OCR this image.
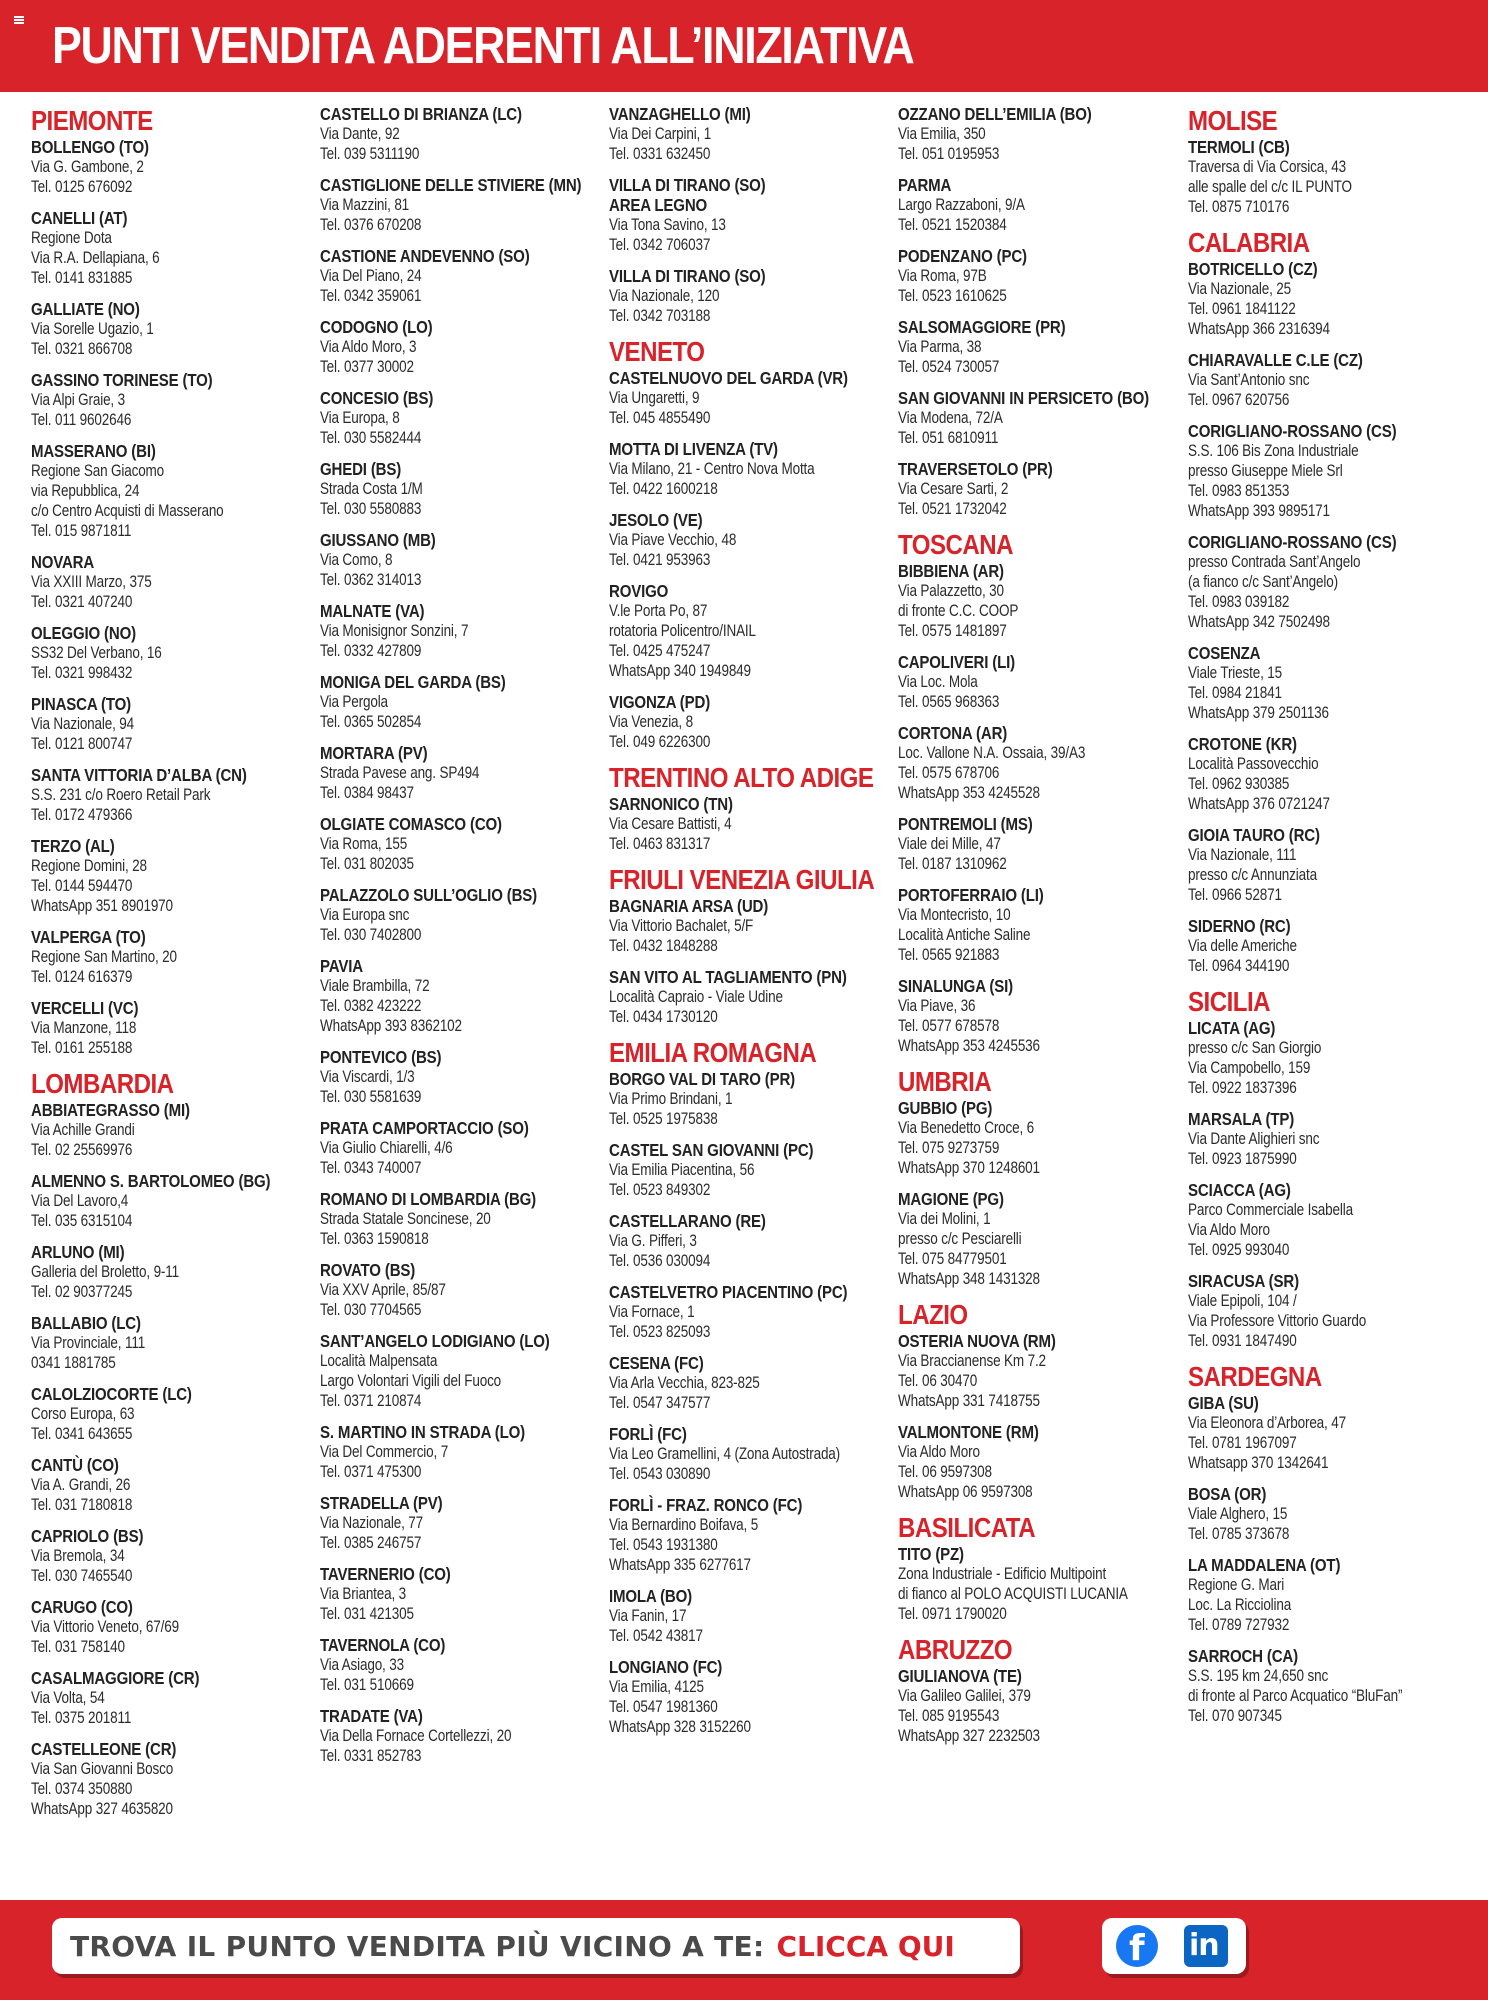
PUNTI VENDITA ADERENTI ALL’INIZIATIVA
PIEMONTE
BOLLENGO (TO)
Via G. Gambone, 2
Tel. 0125 676092
CANELLI (AT)
Regione Dota
Via R.A. Dellapiana, 6
Tel. 0141 831885
GALLIATE (NO)
Via Sorelle Ugazio, 1
Tel. 0321 866708
GASSINO TORINESE (TO)
Via Alpi Graie, 3
Tel. 011 9602646
MASSERANO (BI)
Regione San Giacomo
via Repubblica, 24
c/o Centro Acquisti di Masserano
Tel. 015 9871811
NOVARA
Via XXIII Marzo, 375
Tel. 0321 407240
OLEGGIO (NO)
SS32 Del Verbano, 16
Tel. 0321 998432
PINASCA (TO)
Via Nazionale, 94
Tel. 0121 800747
SANTA VITTORIA D’ALBA (CN)
S.S. 231 c/o Roero Retail Park
Tel. 0172 479366
TERZO (AL)
Regione Domini, 28
Tel. 0144 594470
WhatsApp 351 8901970
VALPERGA (TO)
Regione San Martino, 20
Tel. 0124 616379
VERCELLI (VC)
Via Manzone, 118
Tel. 0161 255188
LOMBARDIA
ABBIATEGRASSO (MI)
Via Achille Grandi
Tel. 02 25569976
ALMENNO S. BARTOLOMEO (BG)
Via Del Lavoro,4
Tel. 035 6315104
ARLUNO (MI)
Galleria del Broletto, 9-11
Tel. 02 90377245
BALLABIO (LC)
Via Provinciale, 111
0341 1881785
CALOLZIOCORTE (LC)
Corso Europa, 63
Tel. 0341 643655
CANTÙ (CO)
Via A. Grandi, 26
Tel. 031 7180818
CAPRIOLO (BS)
Via Bremola, 34
Tel. 030 7465540
CARUGO (CO)
Via Vittorio Veneto, 67/69
Tel. 031 758140
CASALMAGGIORE (CR)
Via Volta, 54
Tel. 0375 201811
CASTELLEONE (CR)
Via San Giovanni Bosco
Tel. 0374 350880
WhatsApp 327 4635820
CASTELLO DI BRIANZA (LC)
Via Dante, 92
Tel. 039 5311190
CASTIGLIONE DELLE STIVIERE (MN)
Via Mazzini, 81
Tel. 0376 670208
CASTIONE ANDEVENNO (SO)
Via Del Piano, 24
Tel. 0342 359061
CODOGNO (LO)
Via Aldo Moro, 3
Tel. 0377 30002
CONCESIO (BS)
Via Europa, 8
Tel. 030 5582444
GHEDI (BS)
Strada Costa 1/M
Tel. 030 5580883
GIUSSANO (MB)
Via Como, 8
Tel. 0362 314013
MALNATE (VA)
Via Monisignor Sonzini, 7
Tel. 0332 427809
MONIGA DEL GARDA (BS)
Via Pergola
Tel. 0365 502854
MORTARA (PV)
Strada Pavese ang. SP494
Tel. 0384 98437
OLGIATE COMASCO (CO)
Via Roma, 155
Tel. 031 802035
PALAZZOLO SULL’OGLIO (BS)
Via Europa snc
Tel. 030 7402800
PAVIA
Viale Brambilla, 72
Tel. 0382 423222
WhatsApp 393 8362102
PONTEVICO (BS)
Via Viscardi, 1/3
Tel. 030 5581639
PRATA CAMPORTACCIO (SO)
Via Giulio Chiarelli, 4/6
Tel. 0343 740007
ROMANO DI LOMBARDIA (BG)
Strada Statale Soncinese, 20
Tel. 0363 1590818
ROVATO (BS)
Via XXV Aprile, 85/87
Tel. 030 7704565
SANT’ANGELO LODIGIANO (LO)
Località Malpensata
Largo Volontari Vigili del Fuoco
Tel. 0371 210874
S. MARTINO IN STRADA (LO)
Via Del Commercio, 7
Tel. 0371 475300
STRADELLA (PV)
Via Nazionale, 77
Tel. 0385 246757
TAVERNERIO (CO)
Via Briantea, 3
Tel. 031 421305
TAVERNOLA (CO)
Via Asiago, 33
Tel. 031 510669
TRADATE (VA)
Via Della Fornace Cortellezzi, 20
Tel. 0331 852783
VANZAGHELLO (MI)
Via Dei Carpini, 1
Tel. 0331 632450
VILLA DI TIRANO (SO)
AREA LEGNO
Via Tona Savino, 13
Tel. 0342 706037
VILLA DI TIRANO (SO)
Via Nazionale, 120
Tel. 0342 703188
VENETO
CASTELNUOVO DEL GARDA (VR)
Via Ungaretti, 9
Tel. 045 4855490
MOTTA DI LIVENZA (TV)
Via Milano, 21 - Centro Nova Motta
Tel. 0422 1600218
JESOLO (VE)
Via Piave Vecchio, 48
Tel. 0421 953963
ROVIGO
V.le Porta Po, 87
rotatoria Policentro/INAIL
Tel. 0425 475247
WhatsApp 340 1949849
VIGONZA (PD)
Via Venezia, 8
Tel. 049 6226300
TRENTINO ALTO ADIGE
SARNONICO (TN)
Via Cesare Battisti, 4
Tel. 0463 831317
FRIULI VENEZIA GIULIA
BAGNARIA ARSA (UD)
Via Vittorio Bachalet, 5/F
Tel. 0432 1848288
SAN VITO AL TAGLIAMENTO (PN)
Località Capraio - Viale Udine
Tel. 0434 1730120
EMILIA ROMAGNA
BORGO VAL DI TARO (PR)
Via Primo Brindani, 1
Tel. 0525 1975838
CASTEL SAN GIOVANNI (PC)
Via Emilia Piacentina, 56
Tel. 0523 849302
CASTELLARANO (RE)
Via G. Pifferi, 3
Tel. 0536 030094
CASTELVETRO PIACENTINO (PC)
Via Fornace, 1
Tel. 0523 825093
CESENA (FC)
Via Arla Vecchia, 823-825
Tel. 0547 347577
FORLÌ (FC)
Via Leo Gramellini, 4 (Zona Autostrada)
Tel. 0543 030890
FORLÌ - FRAZ. RONCO (FC)
Via Bernardino Boifava, 5
Tel. 0543 1931380
WhatsApp 335 6277617
IMOLA (BO)
Via Fanin, 17
Tel. 0542 43817
LONGIANO (FC)
Via Emilia, 4125
Tel. 0547 1981360
WhatsApp 328 3152260
OZZANO DELL’EMILIA (BO)
Via Emilia, 350
Tel. 051 0195953
PARMA
Largo Razzaboni, 9/A
Tel. 0521 1520384
PODENZANO (PC)
Via Roma, 97B
Tel. 0523 1610625
SALSOMAGGIORE (PR)
Via Parma, 38
Tel. 0524 730057
SAN GIOVANNI IN PERSICETO (BO)
Via Modena, 72/A
Tel. 051 6810911
TRAVERSETOLO (PR)
Via Cesare Sarti, 2
Tel. 0521 1732042
TOSCANA
BIBBIENA (AR)
Via Palazzetto, 30
di fronte C.C. COOP
Tel. 0575 1481897
CAPOLIVERI (LI)
Via Loc. Mola
Tel. 0565 968363
CORTONA (AR)
Loc. Vallone N.A. Ossaia, 39/A3
Tel. 0575 678706
WhatsApp 353 4245528
PONTREMOLI (MS)
Viale dei Mille, 47
Tel. 0187 1310962
PORTOFERRAIO (LI)
Via Montecristo, 10
Località Antiche Saline
Tel. 0565 921883
SINALUNGA (SI)
Via Piave, 36
Tel. 0577 678578
WhatsApp 353 4245536
UMBRIA
GUBBIO (PG)
Via Benedetto Croce, 6
Tel. 075 9273759
WhatsApp 370 1248601
MAGIONE (PG)
Via dei Molini, 1
presso c/c Pesciarelli
Tel. 075 84779501
WhatsApp 348 1431328
LAZIO
OSTERIA NUOVA (RM)
Via Braccianense Km 7.2
Tel. 06 30470
WhatsApp 331 7418755
VALMONTONE (RM)
Via Aldo Moro
Tel. 06 9597308
WhatsApp 06 9597308
BASILICATA
TITO (PZ)
Zona Industriale - Edificio Multipoint
di fianco al POLO ACQUISTI LUCANIA
Tel. 0971 1790020
ABRUZZO
GIULIANOVA (TE)
Via Galileo Galilei, 379
Tel. 085 9195543
WhatsApp 327 2232503
MOLISE
TERMOLI (CB)
Traversa di Via Corsica, 43
alle spalle del c/c IL PUNTO
Tel. 0875 710176
CALABRIA
BOTRICELLO (CZ)
Via Nazionale, 25
Tel. 0961 1841122
WhatsApp 366 2316394
CHIARAVALLE C.LE (CZ)
Via Sant’Antonio snc
Tel. 0967 620756
CORIGLIANO-ROSSANO (CS)
S.S. 106 Bis Zona Industriale
presso Giuseppe Miele Srl
Tel. 0983 851353
WhatsApp 393 9895171
CORIGLIANO-ROSSANO (CS)
presso Contrada Sant’Angelo
(a fianco c/c Sant’Angelo)
Tel. 0983 039182
WhatsApp 342 7502498
COSENZA
Viale Trieste, 15
Tel. 0984 21841
WhatsApp 379 2501136
CROTONE (KR)
Località Passovecchio
Tel. 0962 930385
WhatsApp 376 0721247
GIOIA TAURO (RC)
Via Nazionale, 111
presso c/c Annunziata
Tel. 0966 52871
SIDERNO (RC)
Via delle Americhe
Tel. 0964 344190
SICILIA
LICATA (AG)
presso c/c San Giorgio
Via Campobello, 159
Tel. 0922 1837396
MARSALA (TP)
Via Dante Alighieri snc
Tel. 0923 1875990
SCIACCA (AG)
Parco Commerciale Isabella
Via Aldo Moro
Tel. 0925 993040
SIRACUSA (SR)
Viale Epipoli, 104 /
Via Professore Vittorio Guardo
Tel. 0931 1847490
SARDEGNA
GIBA (SU)
Via Eleonora d’Arborea, 47
Tel. 0781 1967097
Whatsapp 370 1342641
BOSA (OR)
Viale Alghero, 15
Tel. 0785 373678
LA MADDALENA (OT)
Regione G. Mari
Loc. La Ricciolina
Tel. 0789 727932
SARROCH (CA)
S.S. 195 km 24,650 snc
di fronte al Parco Acquatico “BluFan”
Tel. 070 907345
TROVA IL PUNTO VENDITA PIÙ VICINO A TE: CLICCA QUI	f in
